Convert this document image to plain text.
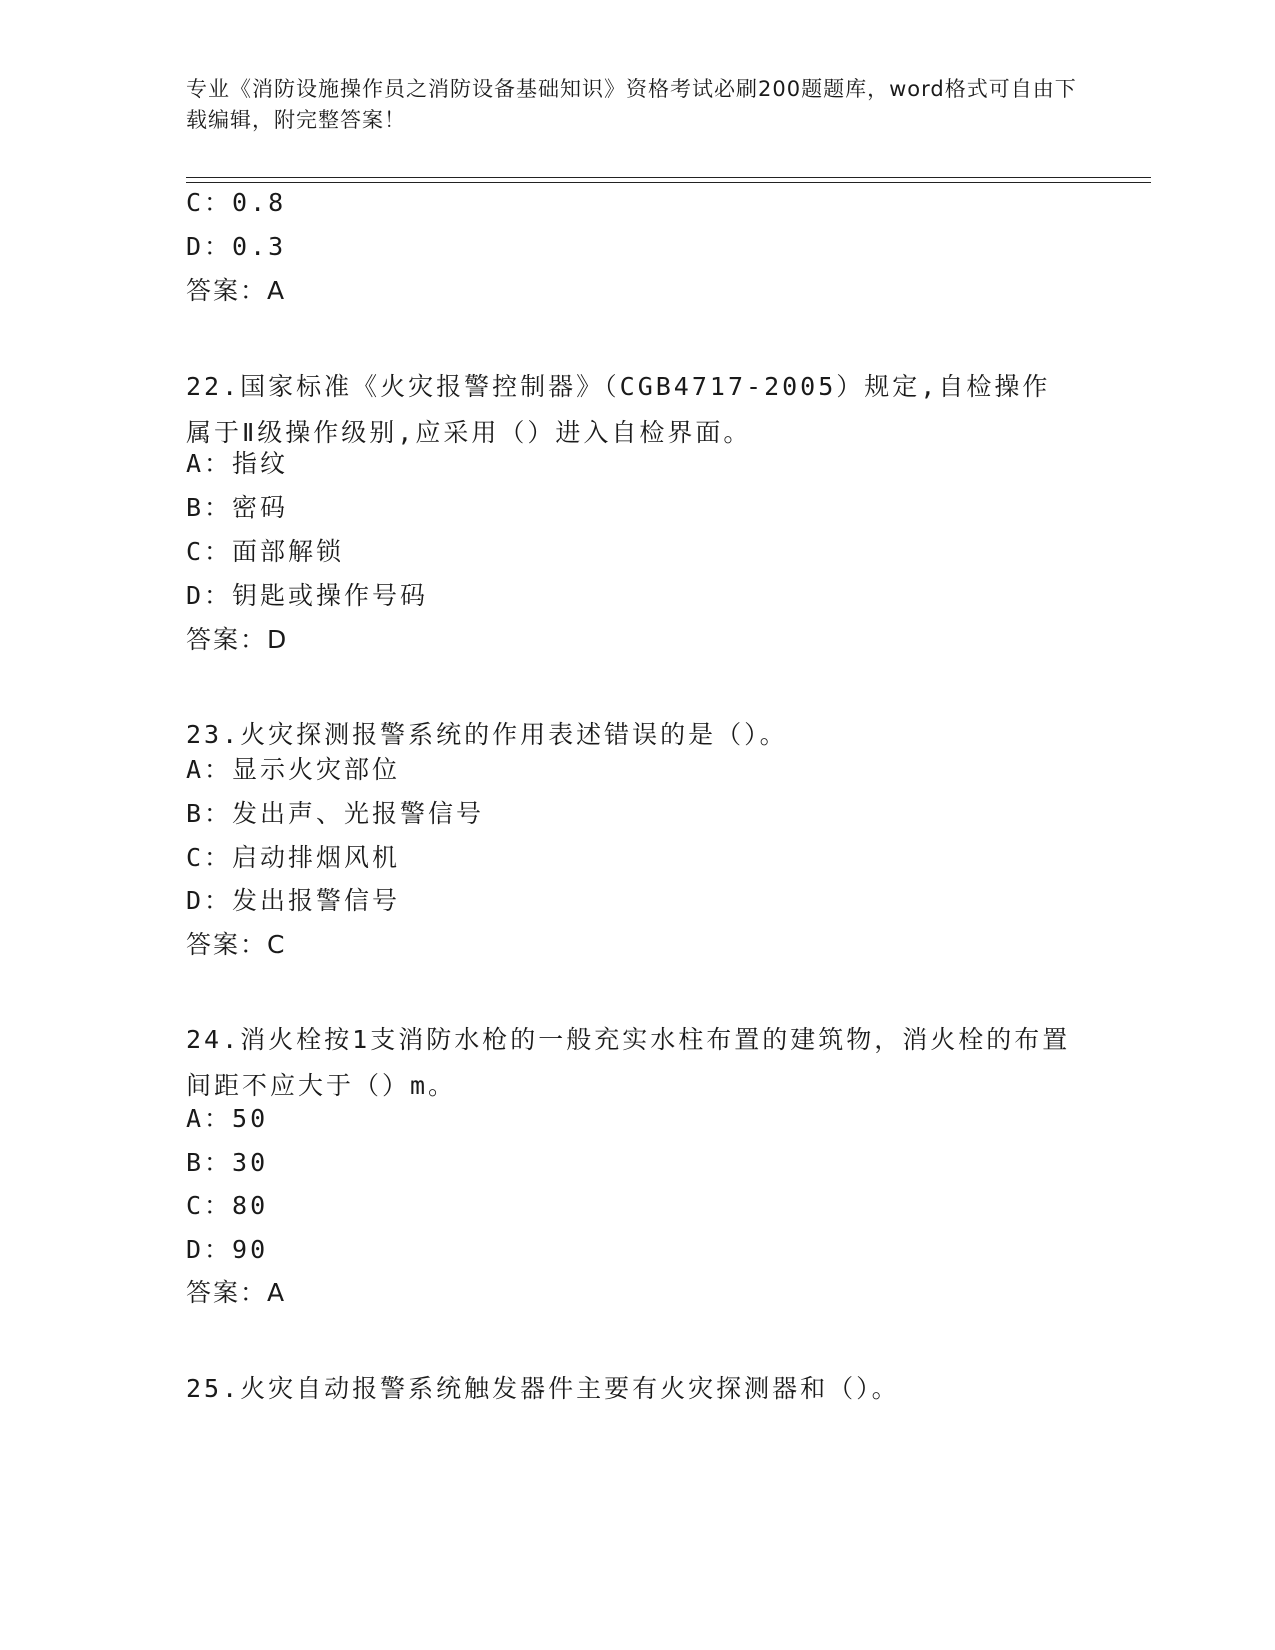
专业《消防设施操作员之消防设备基础知识》资格考试必刷200题题库，word格式可自由下载编辑，附完整答案！
C：0.8
D：0.3
答案：A
22.国家标准《火灾报警控制器》（CGB4717-2005）规定,自检操作属于Ⅱ级操作级别,应采用（）进入自检界面。
A：指纹
B：密码
C：面部解锁
D：钥匙或操作号码
答案：D
23.火灾探测报警系统的作用表述错误的是（）。
A：显示火灾部位
B：发出声、光报警信号
C：启动排烟风机
D：发出报警信号
答案：C
24.消火栓按1支消防水枪的一般充实水柱布置的建筑物，消火栓的布置间距不应大于（）m。
A：50
B：30
C：80
D：90
答案：A
25.火灾自动报警系统触发器件主要有火灾探测器和（）。
